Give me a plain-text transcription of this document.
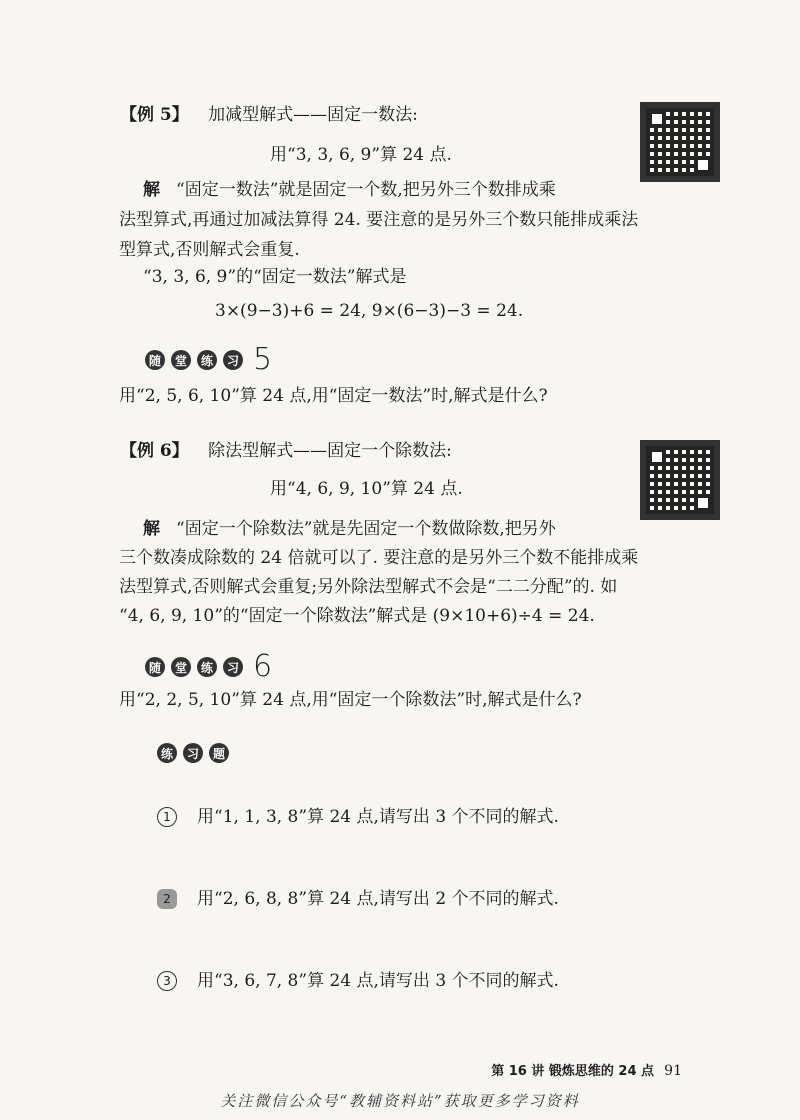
【例 5】 加减型解式——固定一数法:
用“3, 3, 6, 9”算 24 点.
解 “固定一数法”就是固定一个数,把另外三个数排成乘
法型算式,再通过加减法算得 24. 要注意的是另外三个数只能排成乘法
型算式,否则解式会重复.
“3, 3, 6, 9”的“固定一数法”解式是
3×(9−3)+6 = 24, 9×(6−3)−3 = 24.
随	堂	练	习 5
用“2, 5, 6, 10”算 24 点,用“固定一数法”时,解式是什么?
【例 6】 除法型解式——固定一个除数法:
用“4, 6, 9, 10”算 24 点.
解 “固定一个除数法”就是先固定一个数做除数,把另外
三个数凑成除数的 24 倍就可以了. 要注意的是另外三个数不能排成乘
法型算式,否则解式会重复;另外除法型解式不会是“二二分配”的. 如
“4, 6, 9, 10”的“固定一个除数法”解式是 (9×10+6)÷4 = 24.
随	堂	练	习 6
用“2, 2, 5, 10”算 24 点,用“固定一个除数法”时,解式是什么?
练	习	题
1	用“1, 1, 3, 8”算 24 点,请写出 3 个不同的解式.
2	用“2, 6, 8, 8”算 24 点,请写出 2 个不同的解式.
3	用“3, 6, 7, 8”算 24 点,请写出 3 个不同的解式.
第 16 讲 锻炼思维的 24 点 91
关注微信公众号“教辅资料站”获取更多学习资料
